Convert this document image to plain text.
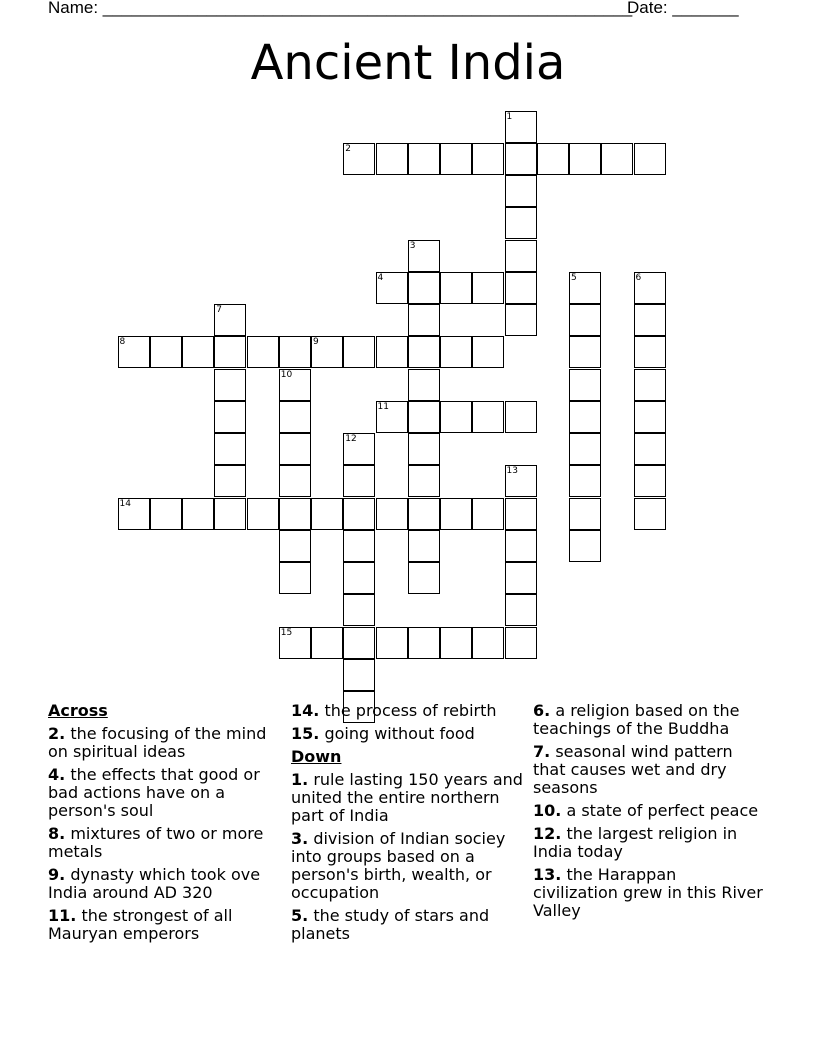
Name: ________________________________________________________
Date: _______
Ancient India
1
2
3
4	5	6
7
8	9
10
11
12
13
14
15
Across
2. the focusing of the mind on spiritual ideas
4. the effects that good or bad actions have on a person's soul
8. mixtures of two or more metals
9. dynasty which took ove India around AD 320
11. the strongest of all Mauryan emperors
14. the process of rebirth
15. going without food
Down
1. rule lasting 150 years and united the entire northern part of India
3. division of Indian sociey into groups based on a person's birth, wealth, or occupation
5. the study of stars and planets
6. a religion based on the teachings of the Buddha
7. seasonal wind pattern that causes wet and dry seasons
10. a state of perfect peace
12. the largest religion in India today
13. the Harappan civilization grew in this River Valley
